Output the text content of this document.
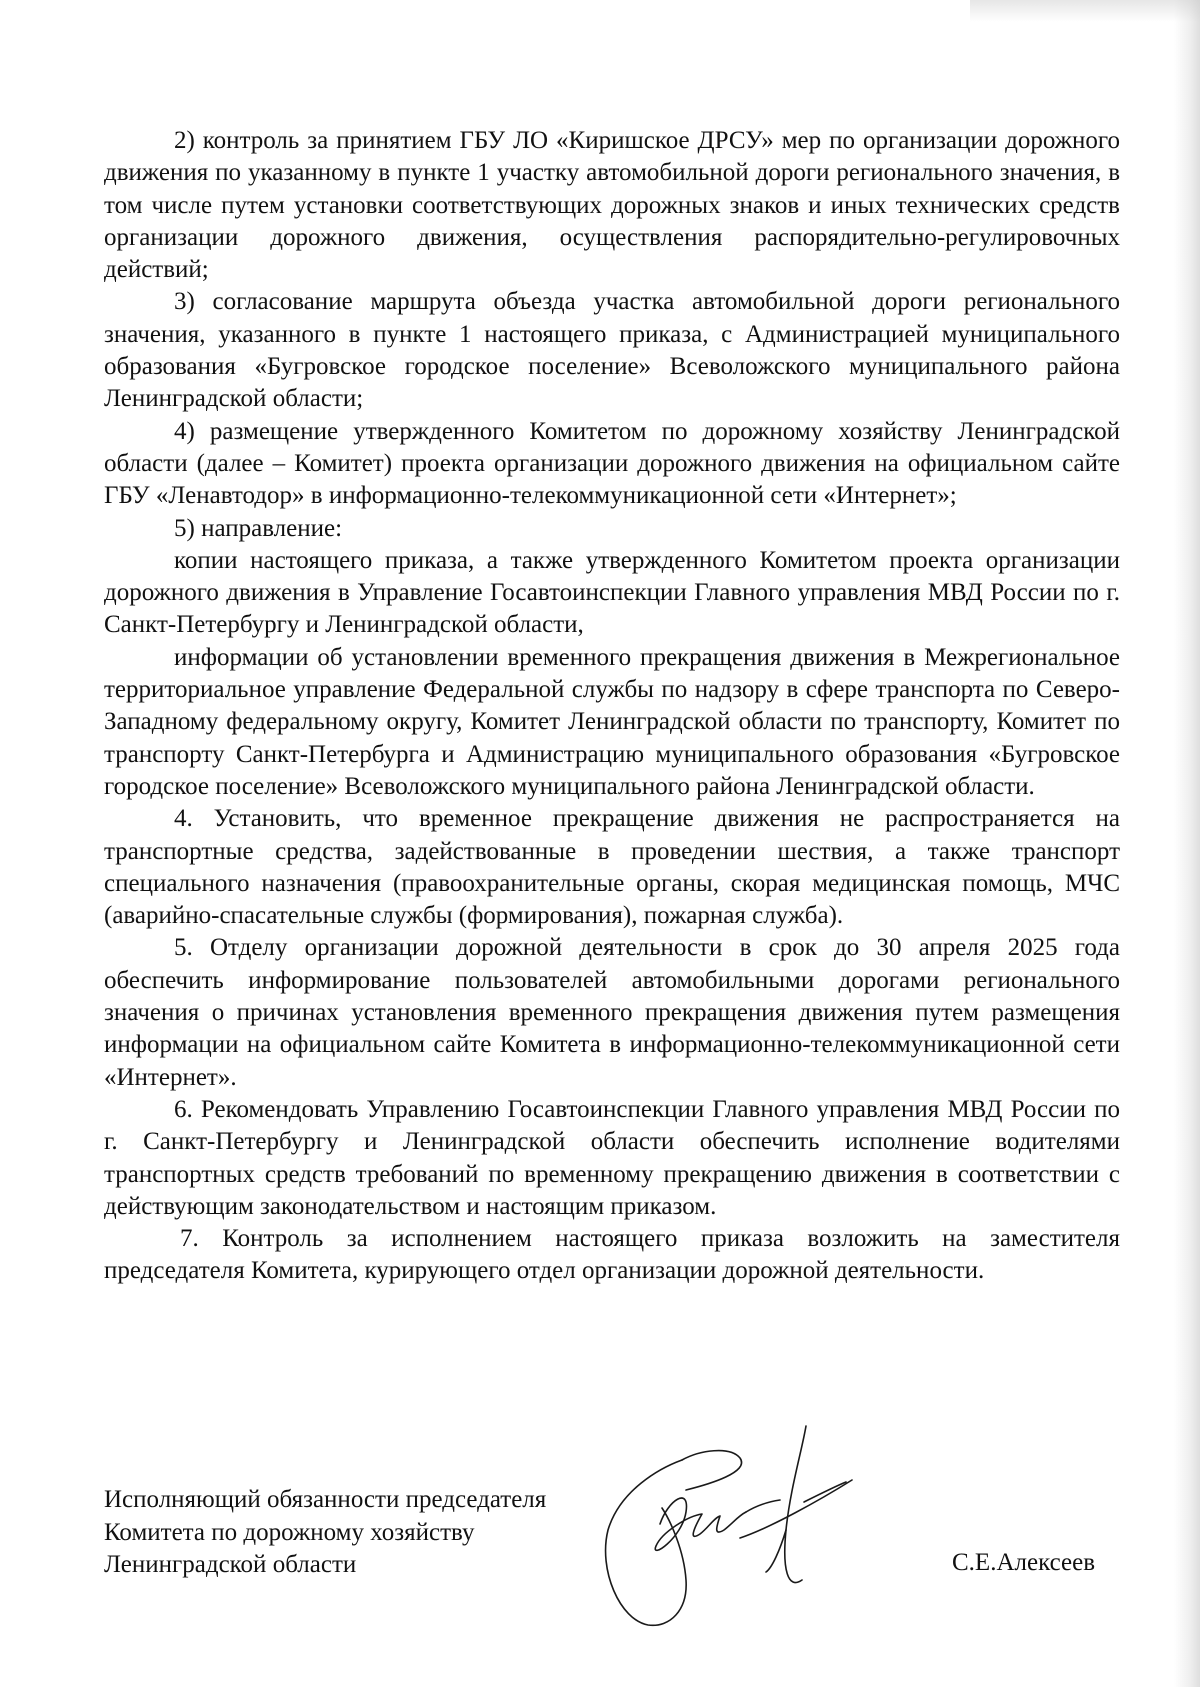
2) контроль за принятием ГБУ ЛО «Киришское ДРСУ» мер по организации дорожного движения по указанному в пункте 1 участку автомобильной дороги регионального значения, в том числе путем установки соответствующих дорожных знаков и иных технических средств организации дорожного движения, осуществления распорядительно-регулировочных действий;

3) согласование маршрута объезда участка автомобильной дороги регионального значения, указанного в пункте 1 настоящего приказа, с Администрацией муниципального образования «Бугровское городское поселение» Всеволожского муниципального района Ленинградской области;

4) размещение утвержденного Комитетом по дорожному хозяйству Ленинградской области (далее – Комитет) проекта организации дорожного движения на официальном сайте ГБУ «Ленавтодор» в информационно-телекоммуникационной сети «Интернет»;

5) направление:

копии настоящего приказа, а также утвержденного Комитетом проекта организации дорожного движения в Управление Госавтоинспекции Главного управления МВД России по г. Санкт-Петербургу и Ленинградской области,

информации об установлении временного прекращения движения в Межрегиональное территориальное управление Федеральной службы по надзору в сфере транспорта по Северо-Западному федеральному округу, Комитет Ленинградской области по транспорту, Комитет по транспорту Санкт-Петербурга и Администрацию муниципального образования «Бугровское городское поселение» Всеволожского муниципального района Ленинградской области.

4. Установить, что временное прекращение движения не распространяется на транспортные средства, задействованные в проведении шествия, а также транспорт специального назначения (правоохранительные органы, скорая медицинская помощь, МЧС (аварийно-спасательные службы (формирования), пожарная служба).

5. Отделу организации дорожной деятельности в срок до 30 апреля 2025 года обеспечить информирование пользователей автомобильными дорогами регионального значения о причинах установления временного прекращения движения путем размещения информации на официальном сайте Комитета в информационно-телекоммуникационной сети «Интернет».

6. Рекомендовать Управлению Госавтоинспекции Главного управления МВД России по г. Санкт-Петербургу и Ленинградской области обеспечить исполнение водителями транспортных средств требований по временному прекращению движения в соответствии с действующим законодательством и настоящим приказом.

7. Контроль за исполнением настоящего приказа возложить на заместителя председателя Комитета, курирующего отдел организации дорожной деятельности.

Исполняющий обязанности председателя
Комитета по дорожному хозяйству
Ленинградской области	С.Е.Алексеев
